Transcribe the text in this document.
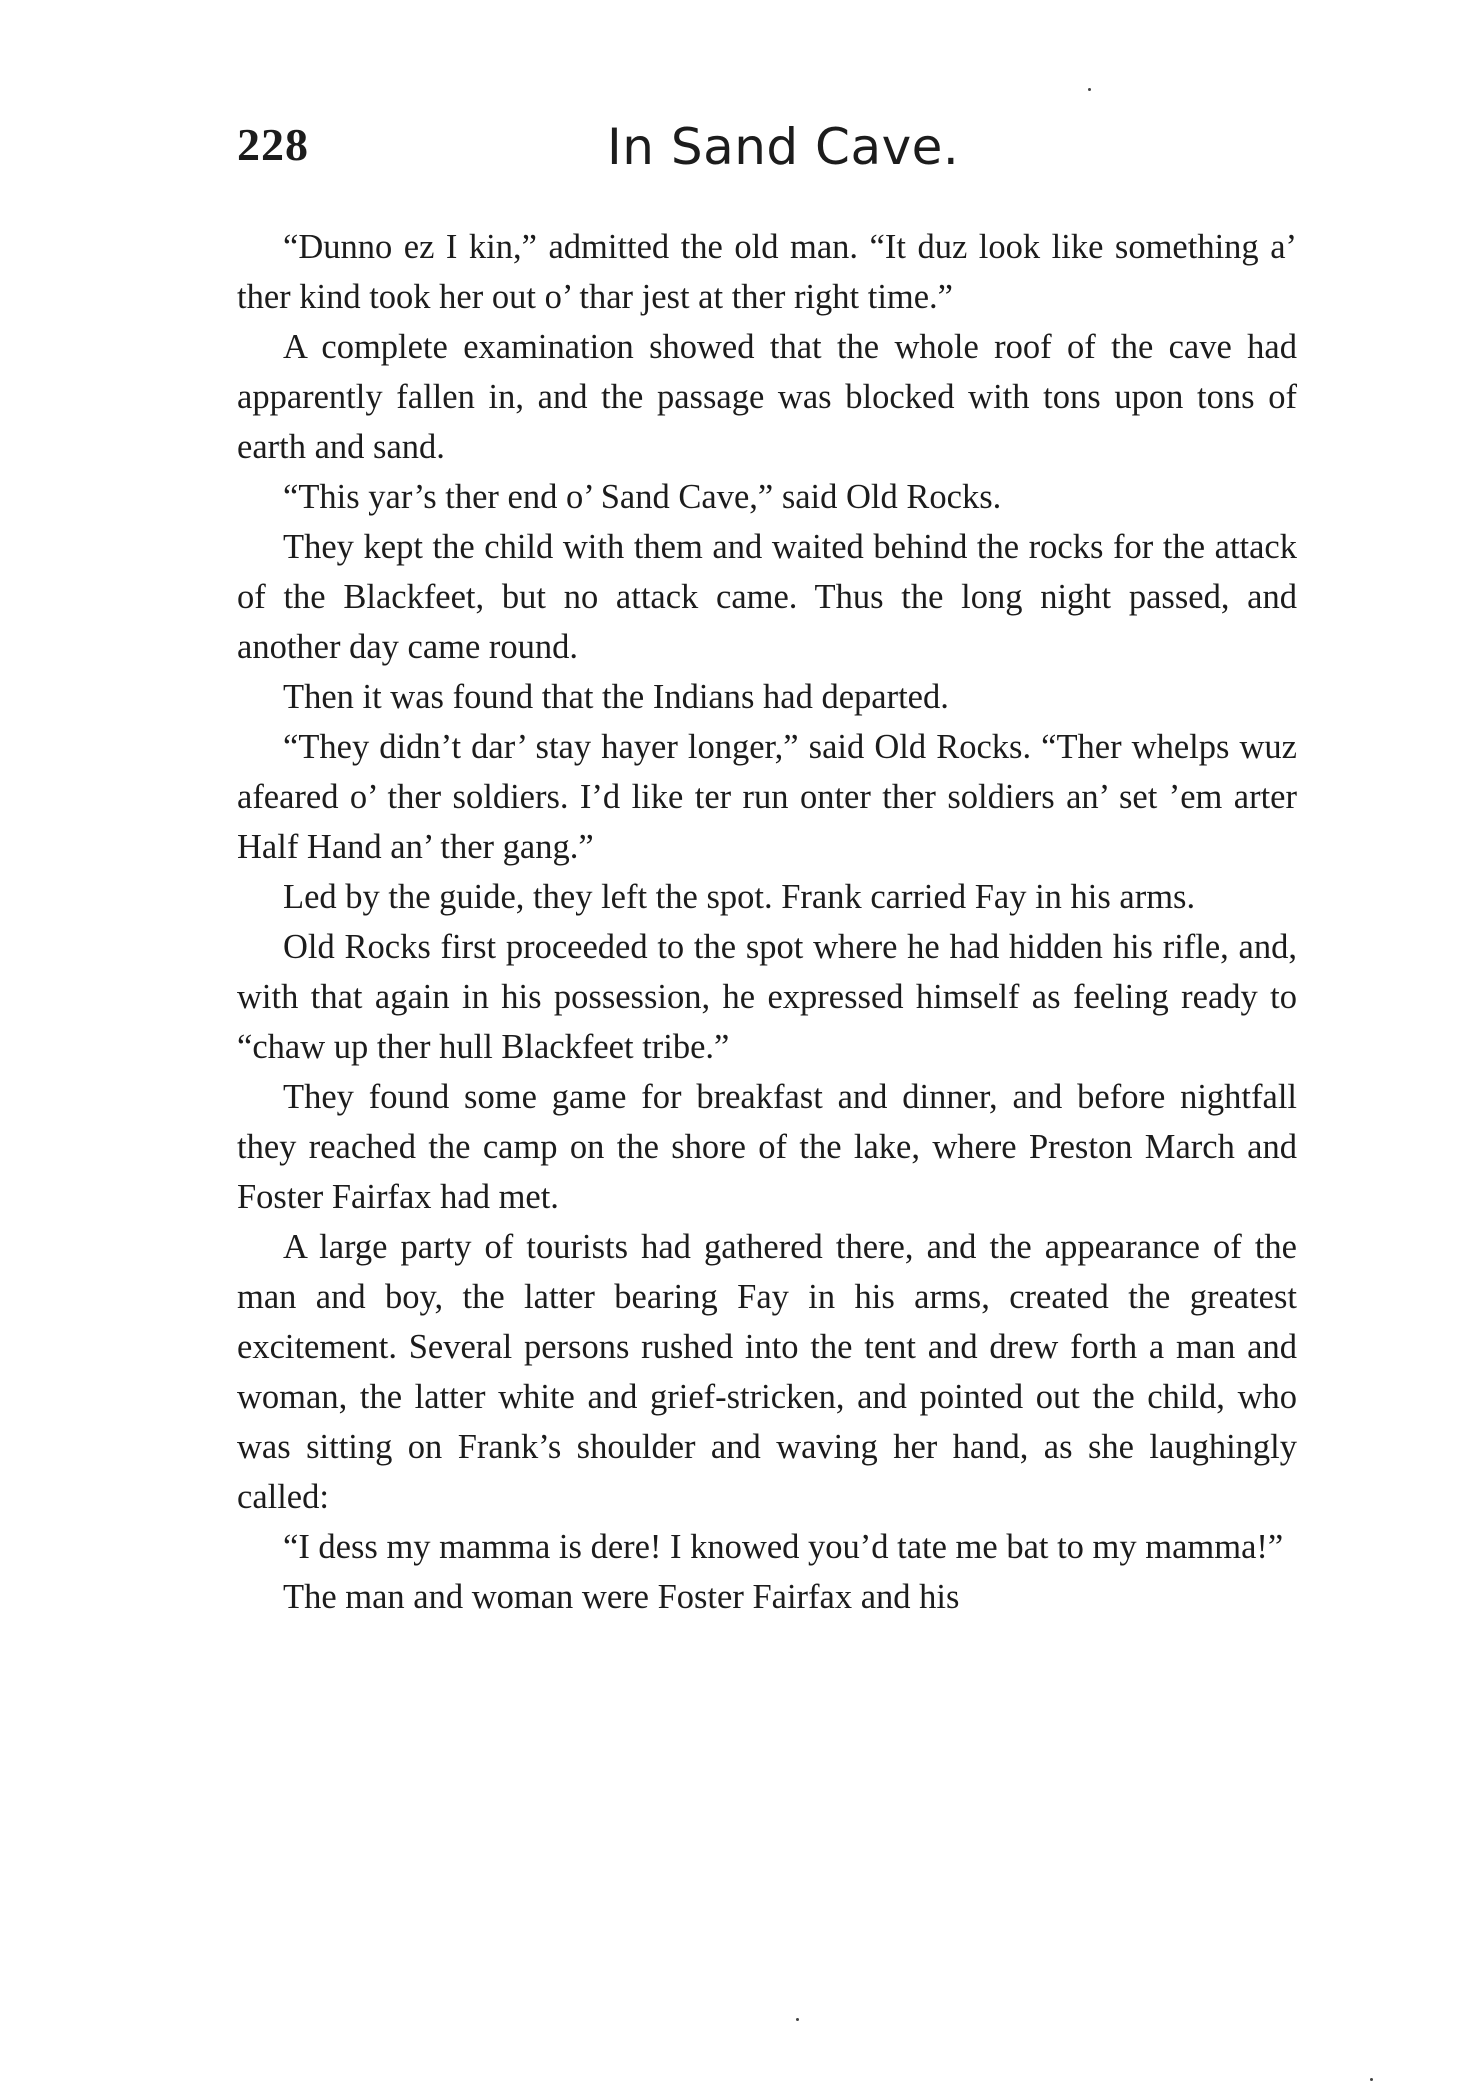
228	In Sand Cave.

“Dunno ez I kin,” admitted the old man. “It duz look like something a’ ther kind took her out o’ thar jest at ther right time.”

A complete examination showed that the whole roof of the cave had apparently fallen in, and the passage was blocked with tons upon tons of earth and sand.

“This yar’s ther end o’ Sand Cave,” said Old Rocks.

They kept the child with them and waited behind the rocks for the attack of the Blackfeet, but no attack came. Thus the long night passed, and another day came round.

Then it was found that the Indians had departed.

“They didn’t dar’ stay hayer longer,” said Old Rocks. “Ther whelps wuz afeared o’ ther soldiers. I’d like ter run onter ther soldiers an’ set ’em arter Half Hand an’ ther gang.”

Led by the guide, they left the spot. Frank carried Fay in his arms.

Old Rocks first proceeded to the spot where he had hidden his rifle, and, with that again in his possession, he expressed himself as feeling ready to “chaw up ther hull Blackfeet tribe.”

They found some game for breakfast and dinner, and before nightfall they reached the camp on the shore of the lake, where Preston March and Foster Fairfax had met.

A large party of tourists had gathered there, and the appearance of the man and boy, the latter bearing Fay in his arms, created the greatest excitement. Several persons rushed into the tent and drew forth a man and woman, the latter white and grief-stricken, and pointed out the child, who was sitting on Frank’s shoulder and waving her hand, as she laughingly called:

“I dess my mamma is dere! I knowed you’d tate me bat to my mamma!”

The man and woman were Foster Fairfax and his
